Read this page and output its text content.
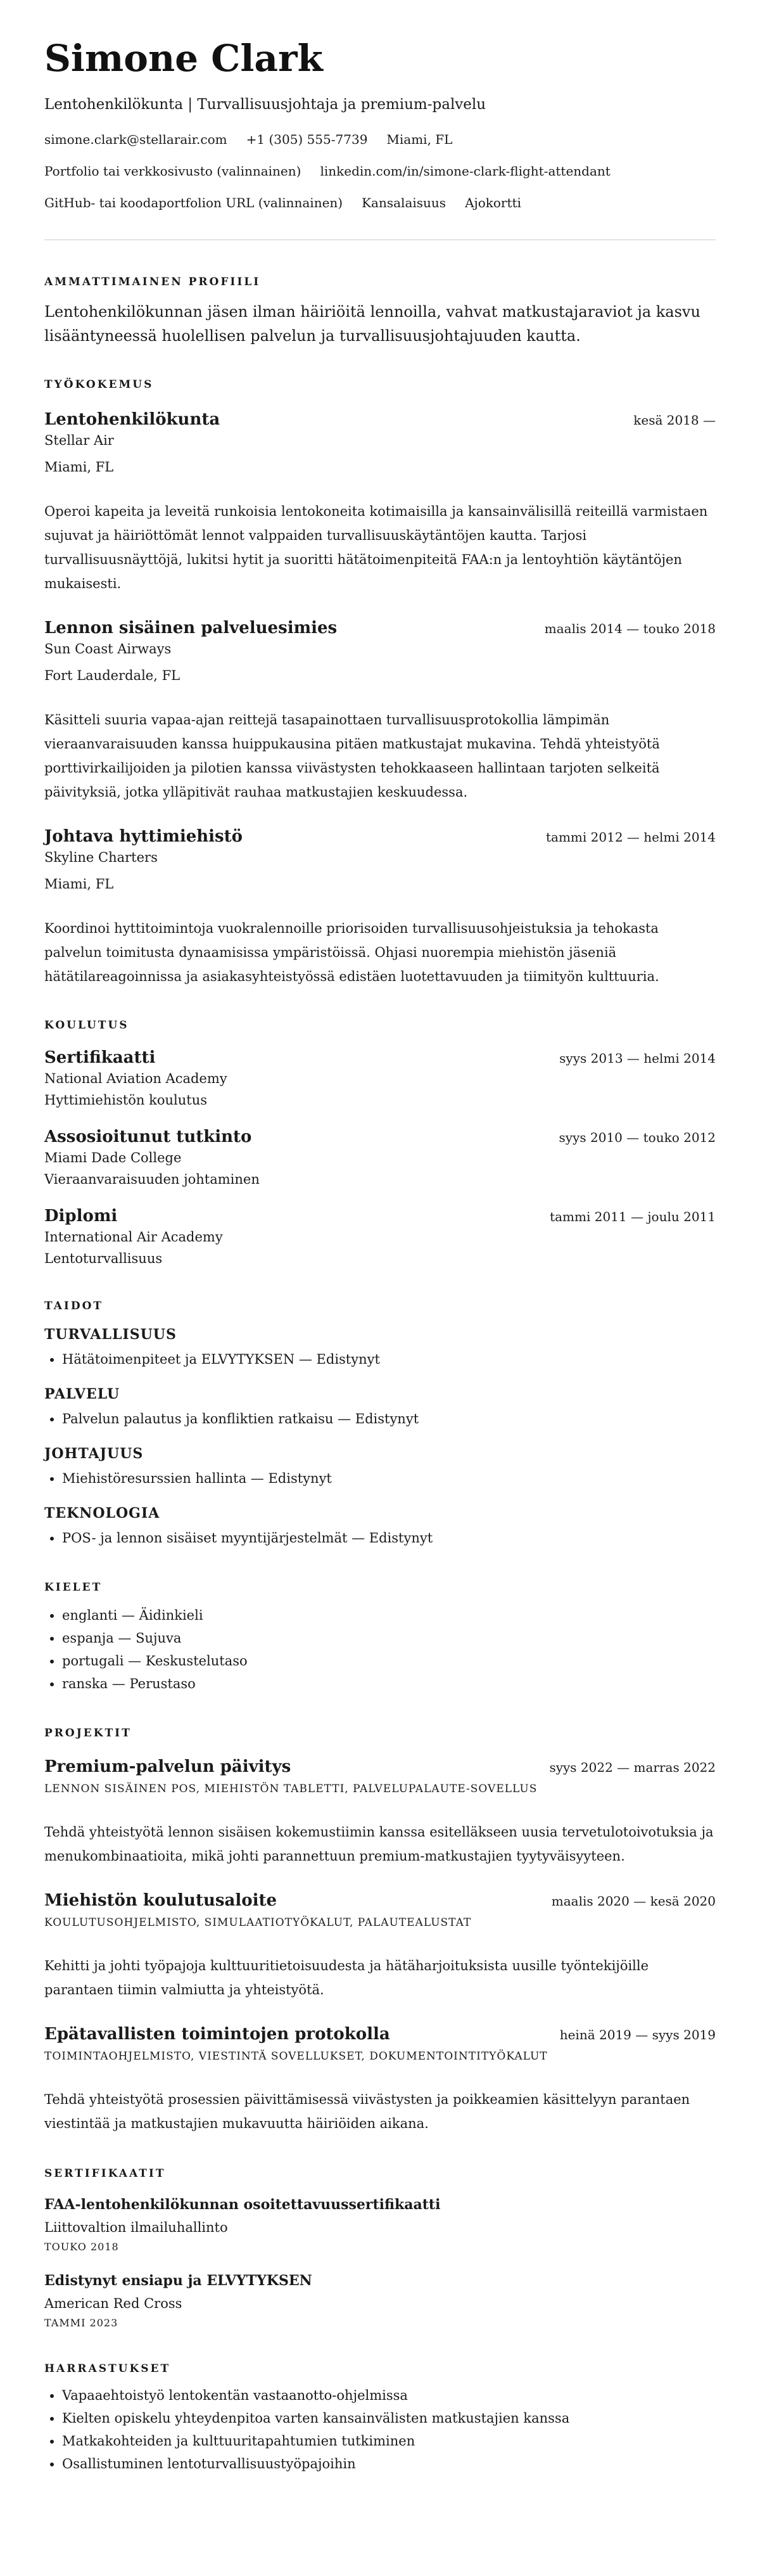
Simone Clark
Lentohenkilökunta | Turvallisuusjohtaja ja premium-palvelu
simone.clark@stellarair.com +1 (305) 555-7739 Miami, FL
Portfolio tai verkkosivusto (valinnainen) linkedin.com/in/simone-clark-flight-attendant
GitHub- tai koodaportfolion URL (valinnainen) Kansalaisuus Ajokortti
AMMATTIMAINEN PROFIILI
Lentohenkilökunnan jäsen ilman häiriöitä lennoilla, vahvat matkustajaraviot ja kasvu lisääntyneessä huolellisen palvelun ja turvallisuusjohtajuuden kautta.
TYÖKOKEMUS
Lentohenkilökunta	kesä 2018 —
Stellar Air
Miami, FL
Operoi kapeita ja leveitä runkoisia lentokoneita kotimaisilla ja kansainvälisillä reiteillä varmistaen sujuvat ja häiriöttömät lennot valppaiden turvallisuuskäytäntöjen kautta. Tarjosi turvallisuusnäyttöjä, lukitsi hytit ja suoritti hätätoimenpiteitä FAA:n ja lentoyhtiön käytäntöjen mukaisesti.
Lennon sisäinen palveluesimies	maalis 2014 — touko 2018
Sun Coast Airways
Fort Lauderdale, FL
Käsitteli suuria vapaa-ajan reittejä tasapainottaen turvallisuusprotokollia lämpimän vieraanvaraisuuden kanssa huippukausina pitäen matkustajat mukavina. Tehdä yhteistyötä porttivirkailijoiden ja pilotien kanssa viivästysten tehokkaaseen hallintaan tarjoten selkeitä päivityksiä, jotka ylläpitivät rauhaa matkustajien keskuudessa.
Johtava hyttimiehistö	tammi 2012 — helmi 2014
Skyline Charters
Miami, FL
Koordinoi hyttitoimintoja vuokralennoille priorisoiden turvallisuusohjeistuksia ja tehokasta palvelun toimitusta dynaamisissa ympäristöissä. Ohjasi nuorempia miehistön jäseniä hätätilareagoinnissa ja asiakasyhteistyössä edistäen luotettavuuden ja tiimityön kulttuuria.
KOULUTUS
Sertifikaatti	syys 2013 — helmi 2014
National Aviation Academy
Hyttimiehistön koulutus
Assosioitunut tutkinto	syys 2010 — touko 2012
Miami Dade College
Vieraanvaraisuuden johtaminen
Diplomi	tammi 2011 — joulu 2011
International Air Academy
Lentoturvallisuus
TAIDOT
TURVALLISUUS
• Hätätoimenpiteet ja ELVYTYKSEN — Edistynyt
PALVELU
• Palvelun palautus ja konfliktien ratkaisu — Edistynyt
JOHTAJUUS
• Miehistöresurssien hallinta — Edistynyt
TEKNOLOGIA
• POS- ja lennon sisäiset myyntijärjestelmät — Edistynyt
KIELET
• englanti — Äidinkieli
• espanja — Sujuva
• portugali — Keskustelutaso
• ranska — Perustaso
PROJEKTIT
Premium-palvelun päivitys	syys 2022 — marras 2022
LENNON SISÄINEN POS, MIEHISTÖN TABLETTI, PALVELUPALAUTE-SOVELLUS
Tehdä yhteistyötä lennon sisäisen kokemustiimin kanssa esitelläkseen uusia tervetulotoivotuksia ja menukombinaatioita, mikä johti parannettuun premium-matkustajien tyytyväisyyteen.
Miehistön koulutusaloite	maalis 2020 — kesä 2020
KOULUTUSOHJELMISTO, SIMULAATIOTYÖKALUT, PALAUTEALUSTAT
Kehitti ja johti työpajoja kulttuuritietoisuudesta ja hätäharjoituksista uusille työntekijöille parantaen tiimin valmiutta ja yhteistyötä.
Epätavallisten toimintojen protokolla	heinä 2019 — syys 2019
TOIMINTAOHJELMISTO, VIESTINTÄ SOVELLUKSET, DOKUMENTOINTITYÖKALUT
Tehdä yhteistyötä prosessien päivittämisessä viivästysten ja poikkeamien käsittelyyn parantaen viestintää ja matkustajien mukavuutta häiriöiden aikana.
SERTIFIKAATIT
FAA-lentohenkilökunnan osoitettavuussertifikaatti
Liittovaltion ilmailuhallinto
TOUKO 2018
Edistynyt ensiapu ja ELVYTYKSEN
American Red Cross
TAMMI 2023
HARRASTUKSET
• Vapaaehtoistyö lentokentän vastaanotto-ohjelmissa
• Kielten opiskelu yhteydenpitoa varten kansainvälisten matkustajien kanssa
• Matkakohteiden ja kulttuuritapahtumien tutkiminen
• Osallistuminen lentoturvallisuustyöpajoihin
